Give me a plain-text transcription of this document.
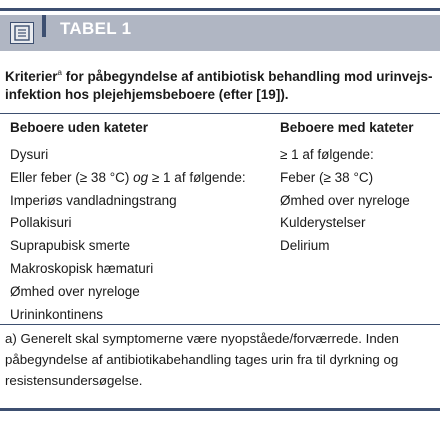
TABEL 1
Kriterier$^a$ for påbegyndelse af antibiotisk behandling mod urinvejs-infektion hos plejehjemsbeboere (efter [19]).
Beboere uden kateter	Beboere med kateter
Dysuri
Eller feber (≥ 38 °C) og ≥ 1 af følgende:
Imperiøs vandladningstrang
Pollakisuri
Suprapubisk smerte
Makroskopisk hæmaturi
Ømhed over nyreloge
Urininkontinens
≥ 1 af følgende:
Feber (≥ 38 °C)
Ømhed over nyreloge
Kulderystelser
Delirium
a) Generelt skal symptomerne være nyopståede/forværrede. Inden påbegyndelse af antibiotikabehandling tages urin fra til dyrkning og resistensundersøgelse.
